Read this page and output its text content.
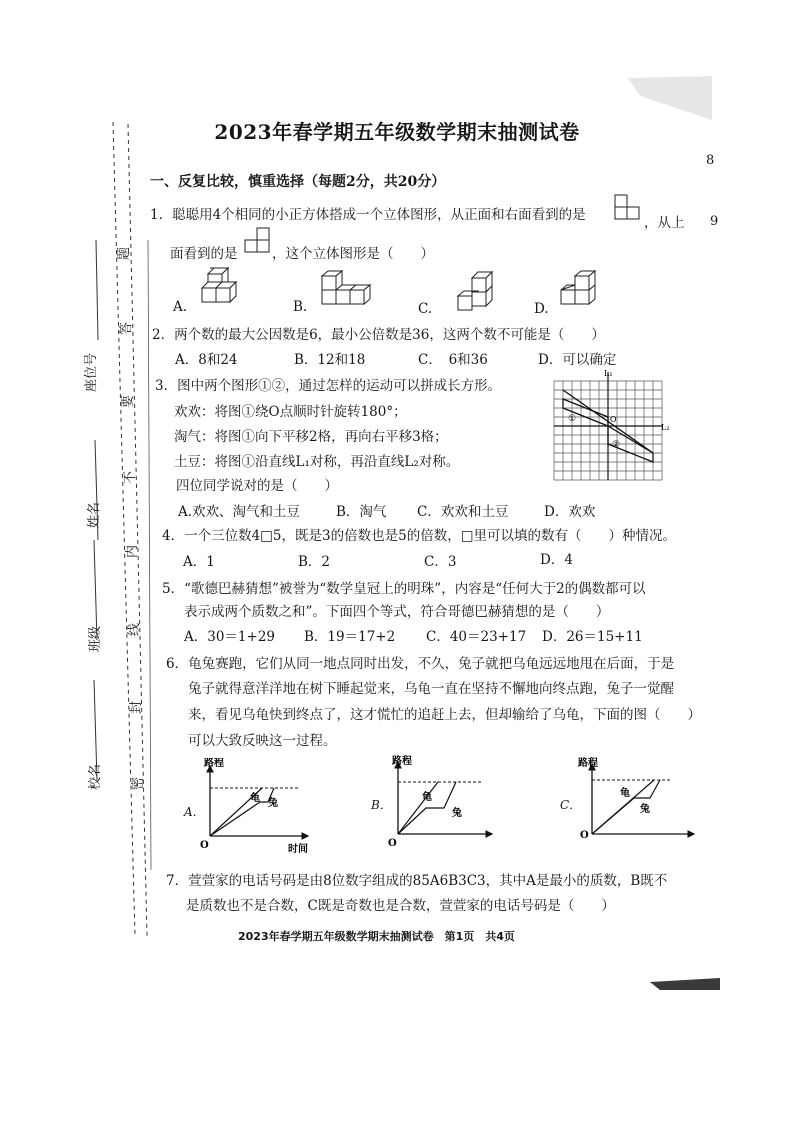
座位号
姓名
班级
校名
题
答
要
不
内
线
封
密
8
9
2023年春学期五年级数学期末抽测试卷
一、反复比较，慎重选择（每题2分，共20分）
1．聪聪用4个相同的小正方体搭成一个立体图形，从正面和右面看到的是	，从上
面看到的是	，这个立体图形是（　　）
A.	B.	C.	D.
2．两个数的最大公因数是6，最小公倍数是36，这两个数不可能是（　　）
A．8和24	B．12和18	C．　6和36	D．可以确定
3．图中两个图形①②，通过怎样的运动可以拼成长方形。
欢欢：将图①绕O点顺时针旋转180°；
淘气：将图①向下平移2格，再向右平移3格；
土豆：将图①沿直线L₁对称，再沿直线L₂对称。
四位同学说对的是（　　）
A.欢欢、淘气和土豆	B．淘气 C．欢欢和土豆	D．欢欢
L₁
L₂
①
②
O
4．一个三位数4□5，既是3的倍数也是5的倍数，□里可以填的数有（　　）种情况。
A．1	B．2	C．3	D．4
5．“歌德巴赫猜想”被誉为“数学皇冠上的明珠”，内容是“任何大于2的偶数都可以
表示成两个质数之和”。下面四个等式，符合哥德巴赫猜想的是（　　）
A．30＝1+29 B．19＝17+2 C．40＝23+17 D．26＝15+11
6．龟兔赛跑，它们从同一地点同时出发，不久，兔子就把乌龟远远地甩在后面，于是
兔子就得意洋洋地在树下睡起觉来，乌龟一直在坚持不懈地向终点跑，兔子一觉醒
来，看见乌龟快到终点了，这才慌忙的追赶上去，但却输给了乌龟，下面的图（　　）
可以大致反映这一过程。
A．
路程
时间
O
龟 兔	B．
路程
O
龟
兔
C．
路程
O
龟
兔
7．萱萱家的电话号码是由8位数字组成的85A6B3C3，其中A是最小的质数，B既不
是质数也不是合数，C既是奇数也是合数，萱萱家的电话号码是（　　）
2023年春学期五年级数学期末抽测试卷　第1页　共4页
